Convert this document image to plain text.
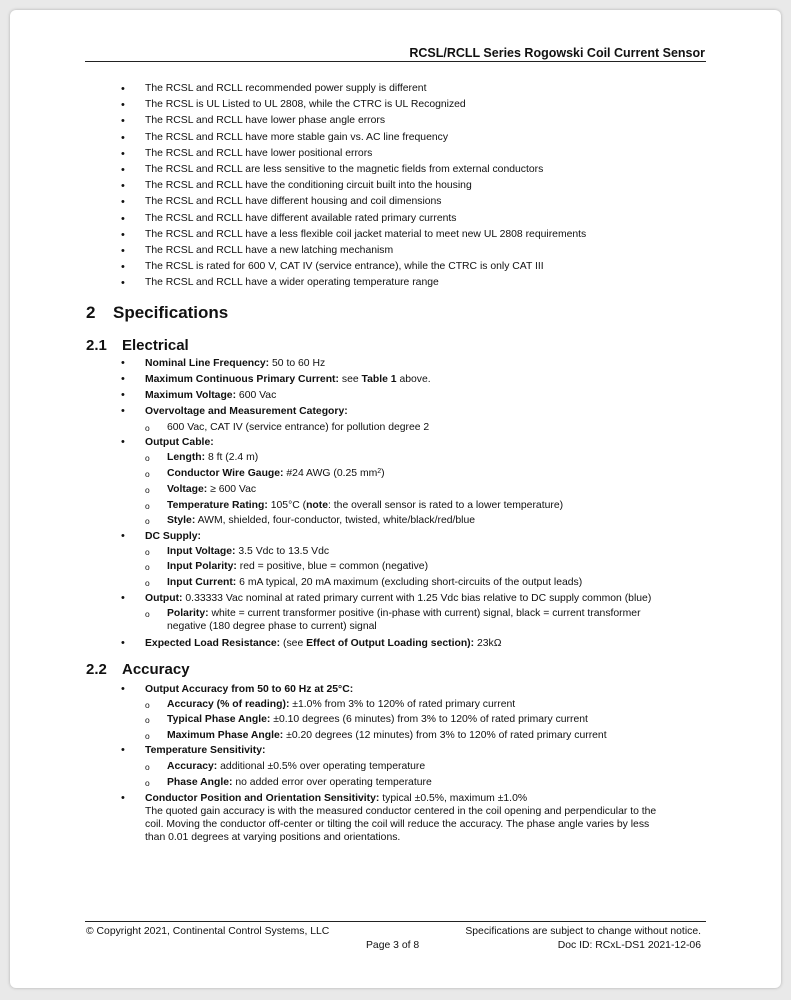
RCSL/RCLL Series Rogowski Coil Current Sensor
• The RCSL and RCLL recommended power supply is different
• The RCSL is UL Listed to UL 2808, while the CTRC is UL Recognized
• The RCSL and RCLL have lower phase angle errors
• The RCSL and RCLL have more stable gain vs. AC line frequency
• The RCSL and RCLL have lower positional errors
• The RCSL and RCLL are less sensitive to the magnetic fields from external conductors
• The RCSL and RCLL have the conditioning circuit built into the housing
• The RCSL and RCLL have different housing and coil dimensions
• The RCSL and RCLL have different available rated primary currents
• The RCSL and RCLL have a less flexible coil jacket material to meet new UL 2808 requirements
• The RCSL and RCLL have a new latching mechanism
• The RCSL is rated for 600 V, CAT IV (service entrance), while the CTRC is only CAT III
• The RCSL and RCLL have a wider operating temperature range
2 Specifications
2.1 Electrical
• Nominal Line Frequency: 50 to 60 Hz
• Maximum Continuous Primary Current: see Table 1 above.
• Maximum Voltage: 600 Vac
• Overvoltage and Measurement Category:
o 600 Vac, CAT IV (service entrance) for pollution degree 2
• Output Cable:
o Length: 8 ft (2.4 m)
o Conductor Wire Gauge: #24 AWG (0.25 $mm^2$)
o Voltage: ≥ 600 Vac
o Temperature Rating: 105°C (note: the overall sensor is rated to a lower temperature)
o Style: AWM, shielded, four-conductor, twisted, white/black/red/blue
• DC Supply:
o Input Voltage: 3.5 Vdc to 13.5 Vdc
o Input Polarity: red = positive, blue = common (negative)
o Input Current: 6 mA typical, 20 mA maximum (excluding short-circuits of the output leads)
• Output: 0.33333 Vac nominal at rated primary current with 1.25 Vdc bias relative to DC supply common (blue)
o Polarity: white = current transformer positive (in-phase with current) signal, black = current transformer
negative (180 degree phase to current) signal
• Expected Load Resistance: (see Effect of Output Loading section): 23kΩ
2.2 Accuracy
• Output Accuracy from 50 to 60 Hz at 25°C:
o Accuracy (% of reading): ±1.0% from 3% to 120% of rated primary current
o Typical Phase Angle: ±0.10 degrees (6 minutes) from 3% to 120% of rated primary current
o Maximum Phase Angle: ±0.20 degrees (12 minutes) from 3% to 120% of rated primary current
• Temperature Sensitivity:
o Accuracy: additional ±0.5% over operating temperature
o Phase Angle: no added error over operating temperature
• Conductor Position and Orientation Sensitivity: typical ±0.5%, maximum ±1.0%
The quoted gain accuracy is with the measured conductor centered in the coil opening and perpendicular to the
coil. Moving the conductor off-center or tilting the coil will reduce the accuracy. The phase angle varies by less
than 0.01 degrees at varying positions and orientations.
© Copyright 2021, Continental Control Systems, LLC
Page 3 of 8
Specifications are subject to change without notice.
Doc ID: RCxL-DS1 2021-12-06
